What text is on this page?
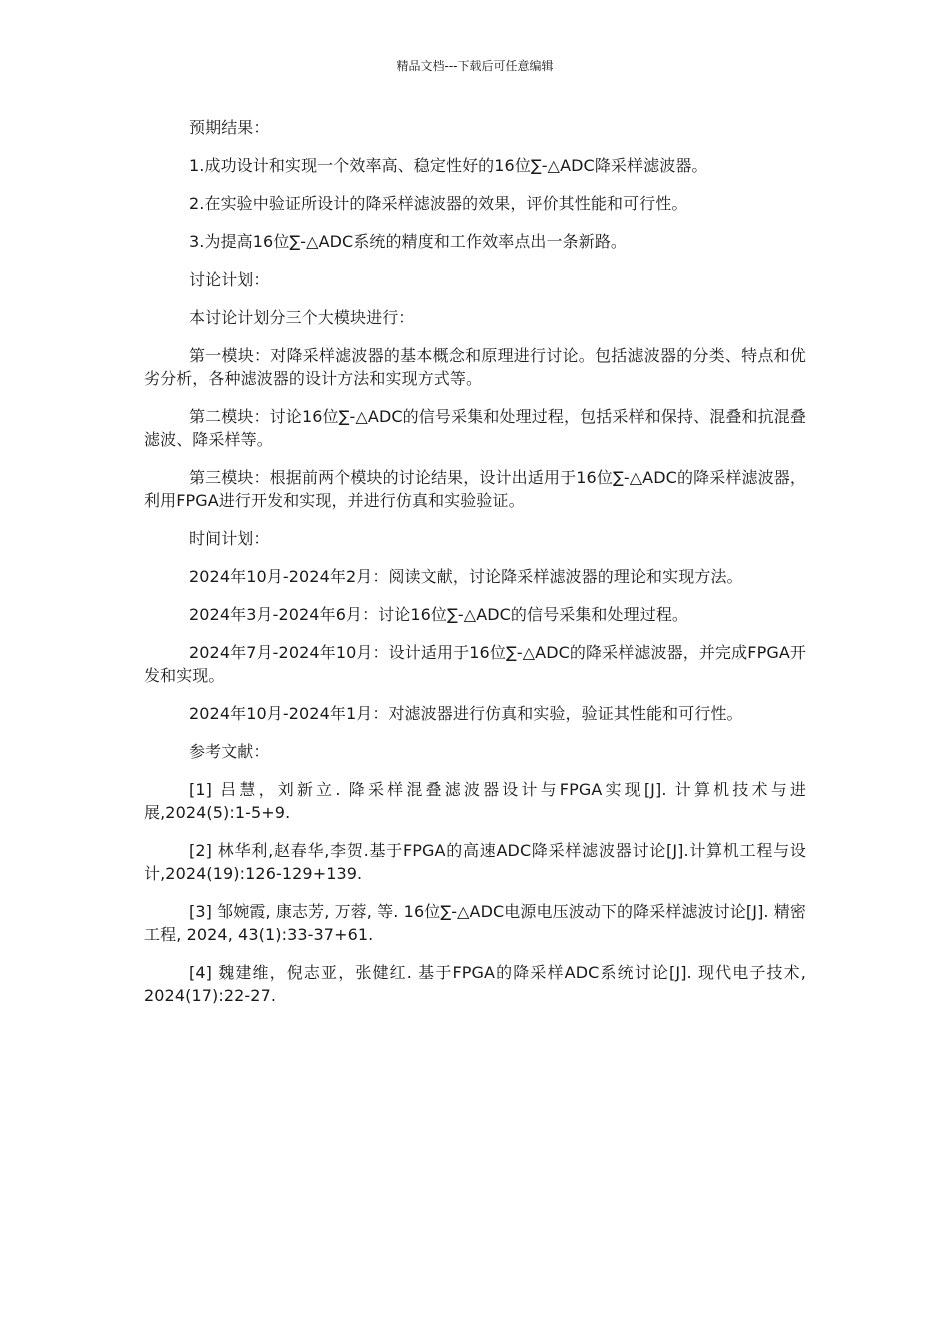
精品文档---下载后可任意编辑

预期结果：

1.成功设计和实现一个效率高、稳定性好的16位∑-△ADC降采样滤波器。

2.在实验中验证所设计的降采样滤波器的效果，评价其性能和可行性。

3.为提高16位∑-△ADC系统的精度和工作效率点出一条新路。

讨论计划：

本讨论计划分三个大模块进行：

第一模块：对降采样滤波器的基本概念和原理进行讨论。包括滤波器的分类、特点和优劣分析，各种滤波器的设计方法和实现方式等。

第二模块：讨论16位∑-△ADC的信号采集和处理过程，包括采样和保持、混叠和抗混叠滤波、降采样等。

第三模块：根据前两个模块的讨论结果，设计出适用于16位∑-△ADC的降采样滤波器，利用FPGA进行开发和实现，并进行仿真和实验验证。

时间计划：

2024年10月-2024年2月：阅读文献，讨论降采样滤波器的理论和实现方法。

2024年3月-2024年6月：讨论16位∑-△ADC的信号采集和处理过程。

2024年7月-2024年10月：设计适用于16位∑-△ADC的降采样滤波器，并完成FPGA开发和实现。

2024年10月-2024年1月：对滤波器进行仿真和实验，验证其性能和可行性。

参考文献：

[1] 吕慧，刘新立. 降采样混叠滤波器设计与FPGA实现[J]. 计算机技术与进展,2024(5):1-5+9.

[2] 林华利,赵春华,李贺.基于FPGA的高速ADC降采样滤波器讨论[J].计算机工程与设计,2024(19):126-129+139.

[3] 邹婉霞, 康志芳, 万蓉, 等. 16位∑-△ADC电源电压波动下的降采样滤波讨论[J]. 精密工程, 2024, 43(1):33-37+61.

[4] 魏建维，倪志亚，张健红. 基于FPGA的降采样ADC系统讨论[J]. 现代电子技术, 2024(17):22-27.
